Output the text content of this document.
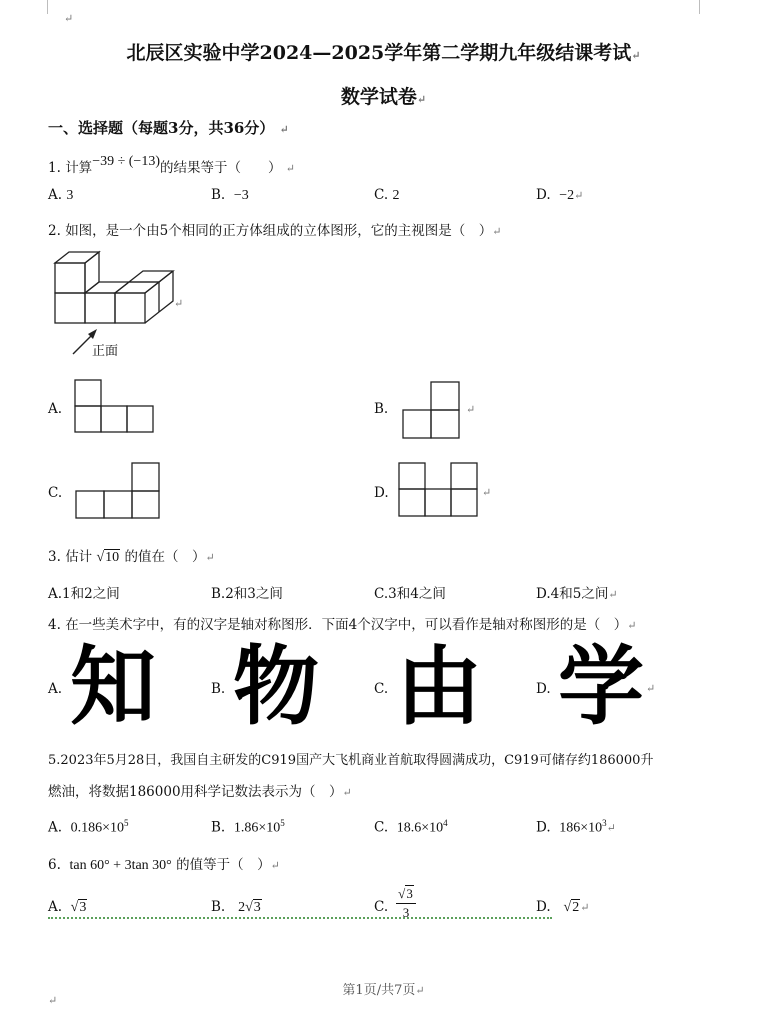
↵
↵
北辰区实验中学2024—2025学年第二学期九年级结课考试↵
数学试卷↵
一、选择题（每题3分，共36分） ↵
1. 计算−39 ÷ (−13)的结果等于（　　） ↵
A. 3	B. −3	C. 2	D. −2↵
2. 如图，是一个由5个相同的正方体组成的立体图形，它的主视图是（　）↵
↵
正面
A.	B.	↵
C.	D.	↵
3. 估计 √10 的值在（　）↵
A.1和2之间	B.2和3之间	C.3和4之间	D.4和5之间↵
4. 在一些美术字中，有的汉字是轴对称图形．下面4个汉字中，可以看作是轴对称图形的是（　）↵
A. 知	B. 物	C. 由	D. 学 ↵
5.2023年5月28日，我国自主研发的C919国产大飞机商业首航取得圆满成功，C919可储存约186000升
燃油，将数据186000用科学记数法表示为（　）↵
A. $0.186\times 10^5$	B. $1.86\times 10^5$	C. $18.6\times 10^4$	D. $186\times 10^3↵$
6. tan 60° + 3tan 30° 的值等于（　）↵
A. √3	B. 2√3	C.
√3
3	D. √2↵
第1页/共7页↵
